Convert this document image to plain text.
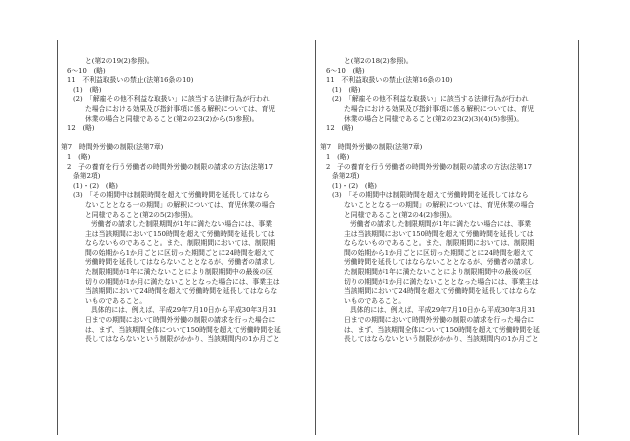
と(第2の19(2)参照)。
6〜10　(略)
11　不利益取扱いの禁止(法第16条の10)
(1)　(略)
(2)　「解雇その他不利益な取扱い」に該当する法律行為が行われ
た場合における効果及び指針事項に係る解釈については、育児
休業の場合と同様であること(第2の23(2)から(5)参照)。
12　(略)
第7　時間外労働の制限(法第7章)
1　(略)
2　子の養育を行う労働者の時間外労働の制限の請求の方法(法第17
条第2項)
(1)・(2)　(略)
(3)　「その期間中は制限時間を超えて労働時間を延長してはなら
ないこととなる一の期間」の解釈については、育児休業の場合
と同様であること(第2の5(2)参照)。
労働者の請求した制限期間が1年に満たない場合には、事業
主は当該期間において150時間を超えて労働時間を延長しては
ならないものであること。また、制限期間においては、制限期
間の始期から1か月ごとに区切った期間ごとに24時間を超えて
労働時間を延長してはならないこととなるが、労働者の請求し
た制限期間が1年に満たないことにより制限期間中の最後の区
切りの期間が1か月に満たないこととなった場合には、事業主は
当該期間において24時間を超えて労働時間を延長してはならな
いものであること。
具体的には、例えば、平成29年7月10日から平成30年3月31
日までの期間において時間外労働の制限の請求を行った場合に
は、まず、当該期間全体について150時間を超えて労働時間を延
長してはならないという制限がかかり、当該期間内の1か月ごと
と(第2の18(2)参照)。
6〜10　(略)
11　不利益取扱いの禁止(法第16条の10)
(1)　(略)
(2)　「解雇その他不利益な取扱い」に該当する法律行為が行われ
た場合における効果及び指針事項に係る解釈については、育児
休業の場合と同様であること(第2の23(2)(3)(4)(5)参照)。
12　(略)
第7　時間外労働の制限(法第7章)
1　(略)
2　子の養育を行う労働者の時間外労働の制限の請求の方法(法第17
条第2項)
(1)・(2)　(略)
(3)　「その期間中は制限時間を超えて労働時間を延長してはなら
ないこととなる一の期間」の解釈については、育児休業の場合
と同様であること(第2の4(2)参照)。
労働者の請求した制限期間が1年に満たない場合には、事業
主は当該期間において150時間を超えて労働時間を延長しては
ならないものであること。また、制限期間においては、制限期
間の始期から1か月ごとに区切った期間ごとに24時間を超えて
労働時間を延長してはならないこととなるが、労働者の請求し
た制限期間が1年に満たないことにより制限期間中の最後の区
切りの期間が1か月に満たないこととなった場合には、事業主は
当該期間において24時間を超えて労働時間を延長してはならな
いものであること。
具体的には、例えば、平成29年7月10日から平成30年3月31
日までの期間において時間外労働の制限の請求を行った場合に
は、まず、当該期間全体について150時間を超えて労働時間を延
長してはならないという制限がかかり、当該期間内の1か月ごと
